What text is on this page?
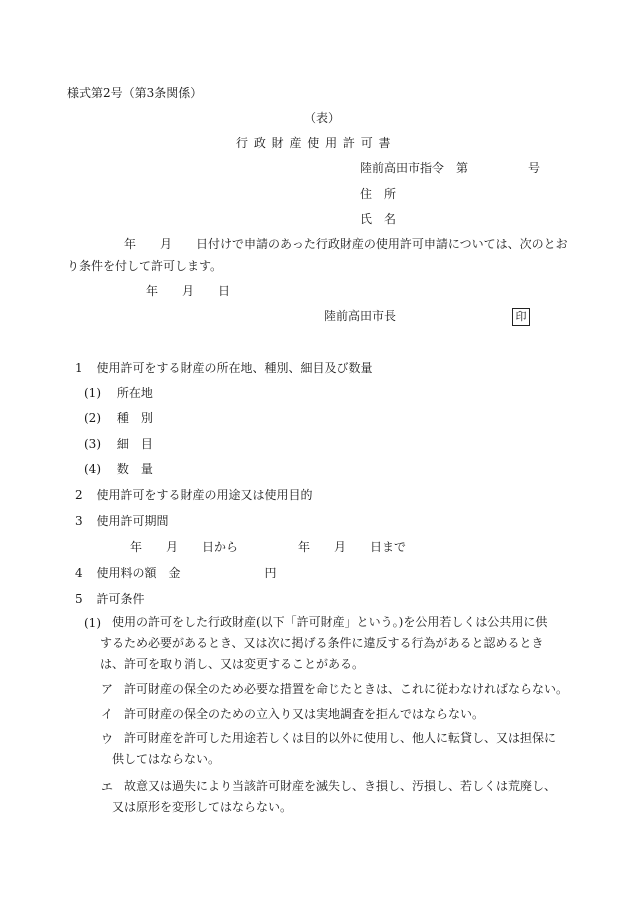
様式第2号（第3条関係）
（表）
行 政 財 産 使 用 許 可 書
陸前高田市指令　第　　　　　号
住　所
氏　名
　　　年　　月　　日付けで申請のあった行政財産の使用許可申請については、次のとお
り条件を付して許可します。
年　　月　　日
陸前高田市長	印
1 使用許可をする財産の所在地、種別、細目及び数量
(1) 所在地
(2) 種　別
(3) 細　目
(4) 数　量
2 使用許可をする財産の用途又は使用目的
3 使用許可期間
年　　月　　日から　　　　　年　　月　　日まで
4 使用料の額　金　　　　　　　円
5 許可条件
(1) 使用の許可をした行政財産(以下「許可財産」という。)を公用若しくは公共用に供するため必要があるとき、又は次に掲げる条件に違反する行為があると認めるときは、許可を取り消し、又は変更することがある。
ア 許可財産の保全のため必要な措置を命じたときは、これに従わなければならない。
イ 許可財産の保全のための立入り又は実地調査を拒んではならない。
ウ 許可財産を許可した用途若しくは目的以外に使用し、他人に転貸し、又は担保に供してはならない。
エ 故意又は過失により当該許可財産を滅失し、き損し、汚損し、若しくは荒廃し、又は原形を変形してはならない。
